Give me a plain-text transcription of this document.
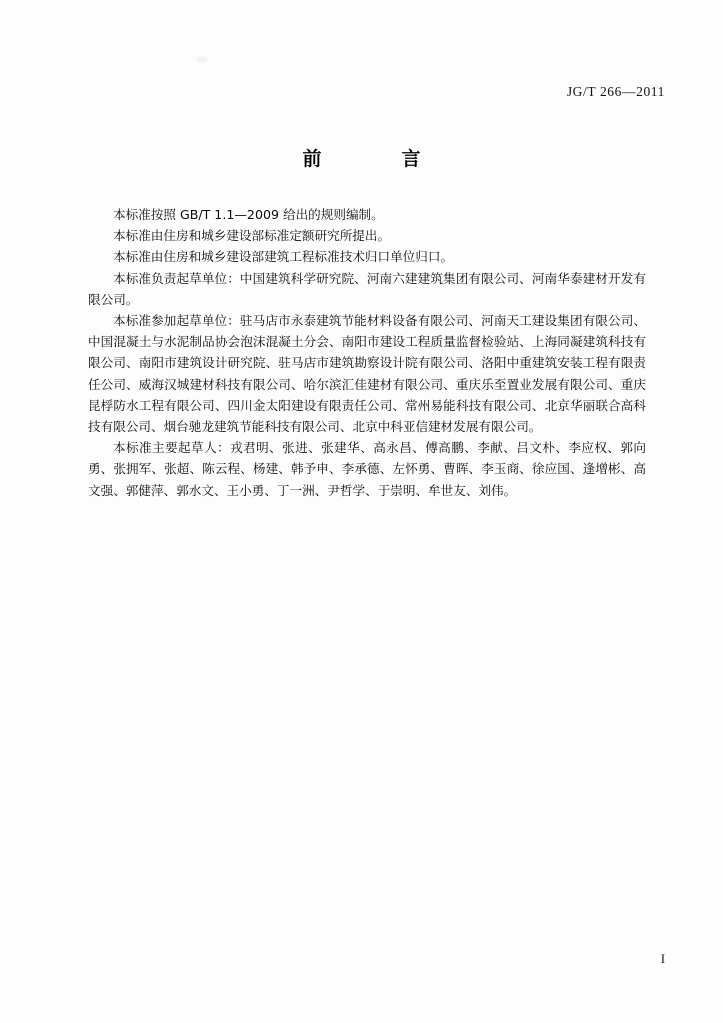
JG/T 266—2011
前　　言

本标准按照 GB/T 1.1—2009 给出的规则编制。

本标准由住房和城乡建设部标准定额研究所提出。

本标准由住房和城乡建设部建筑工程标准技术归口单位归口。

本标准负责起草单位：中国建筑科学研究院、河南六建建筑集团有限公司、河南华泰建材开发有限公司。

本标准参加起草单位：驻马店市永泰建筑节能材料设备有限公司、河南天工建设集团有限公司、中国混凝土与水泥制品协会泡沫混凝土分会、南阳市建设工程质量监督检验站、上海同凝建筑科技有限公司、南阳市建筑设计研究院、驻马店市建筑勘察设计院有限公司、洛阳中重建筑安装工程有限责任公司、威海汉城建材科技有限公司、哈尔滨汇佳建材有限公司、重庆乐至置业发展有限公司、重庆昆桴防水工程有限公司、四川金太阳建设有限责任公司、常州易能科技有限公司、北京华丽联合高科技有限公司、烟台驰龙建筑节能科技有限公司、北京中科亚信建材发展有限公司。

本标准主要起草人：戎君明、张进、张建华、高永昌、傅高鹏、李献、吕文朴、李应权、郭向勇、张拥军、张超、陈云程、杨建、韩予申、李承德、左怀勇、曹晖、李玉商、徐应国、逢增彬、高文强、郭健萍、郭水文、王小勇、丁一洲、尹哲学、于崇明、牟世友、刘伟。

I
